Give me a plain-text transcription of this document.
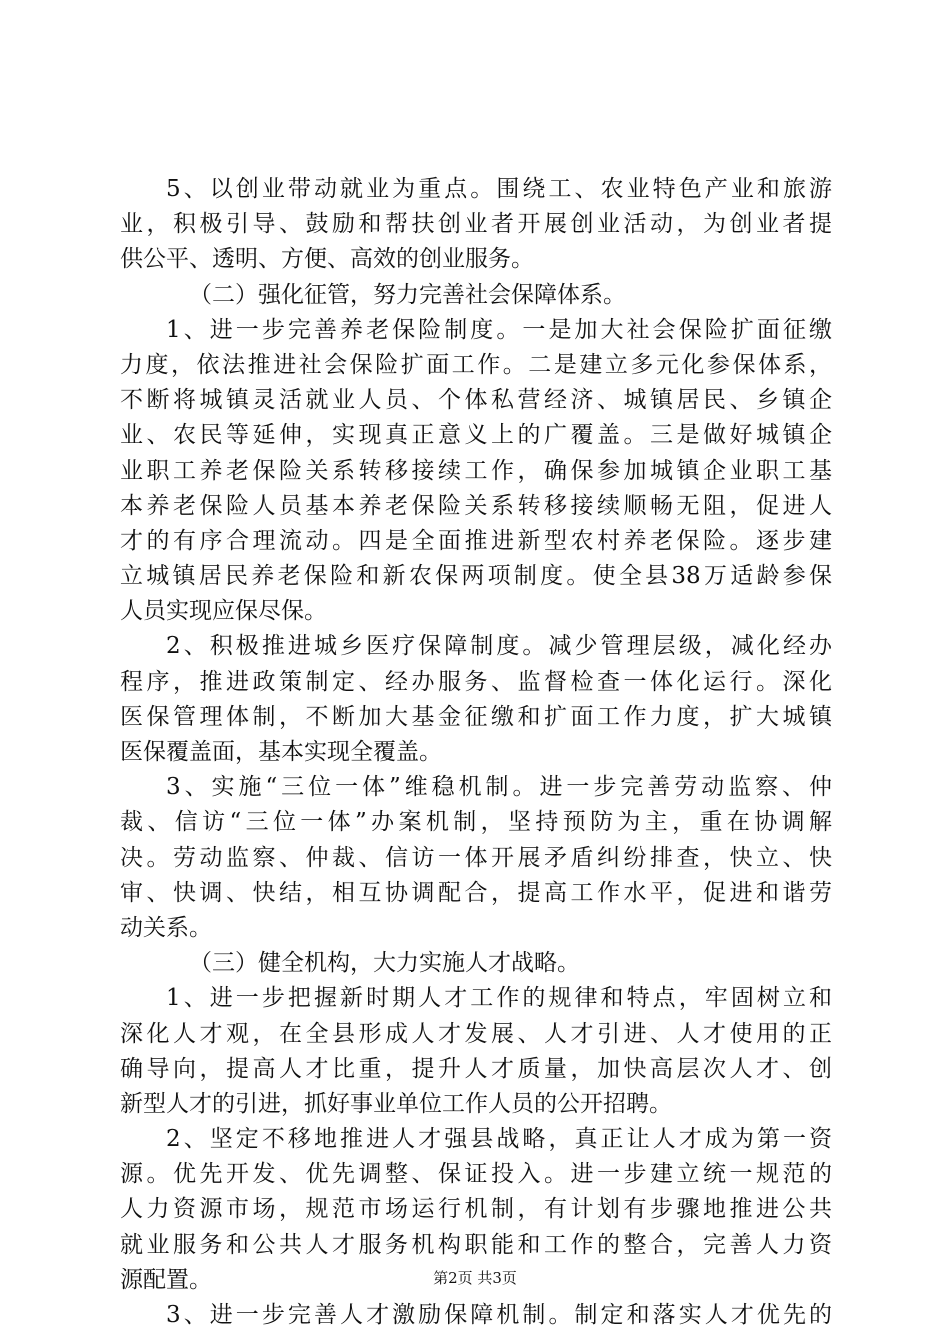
5、以创业带动就业为重点。围绕工、农业特色产业和旅游
业，积极引导、鼓励和帮扶创业者开展创业活动，为创业者提
供公平、透明、方便、高效的创业服务。
（二）强化征管，努力完善社会保障体系。
1、进一步完善养老保险制度。一是加大社会保险扩面征缴
力度，依法推进社会保险扩面工作。二是建立多元化参保体系，
不断将城镇灵活就业人员、个体私营经济、城镇居民、乡镇企
业、农民等延伸，实现真正意义上的广覆盖。三是做好城镇企
业职工养老保险关系转移接续工作，确保参加城镇企业职工基
本养老保险人员基本养老保险关系转移接续顺畅无阻，促进人
才的有序合理流动。四是全面推进新型农村养老保险。逐步建
立城镇居民养老保险和新农保两项制度。使全县38万适龄参保
人员实现应保尽保。
2、积极推进城乡医疗保障制度。减少管理层级，减化经办
程序，推进政策制定、经办服务、监督检查一体化运行。深化
医保管理体制，不断加大基金征缴和扩面工作力度，扩大城镇
医保覆盖面，基本实现全覆盖。
3、实施“三位一体”维稳机制。进一步完善劳动监察、仲
裁、信访“三位一体”办案机制，坚持预防为主，重在协调解
决。劳动监察、仲裁、信访一体开展矛盾纠纷排查，快立、快
审、快调、快结，相互协调配合，提高工作水平，促进和谐劳
动关系。
（三）健全机构，大力实施人才战略。
1、进一步把握新时期人才工作的规律和特点，牢固树立和
深化人才观，在全县形成人才发展、人才引进、人才使用的正
确导向，提高人才比重，提升人才质量，加快高层次人才、创
新型人才的引进，抓好事业单位工作人员的公开招聘。
2、坚定不移地推进人才强县战略，真正让人才成为第一资
源。优先开发、优先调整、保证投入。进一步建立统一规范的
人力资源市场，规范市场运行机制，有计划有步骤地推进公共
就业服务和公共人才服务机构职能和工作的整合，完善人力资
源配置。
3、进一步完善人才激励保障机制。制定和落实人才优先的
第2页 共3页
